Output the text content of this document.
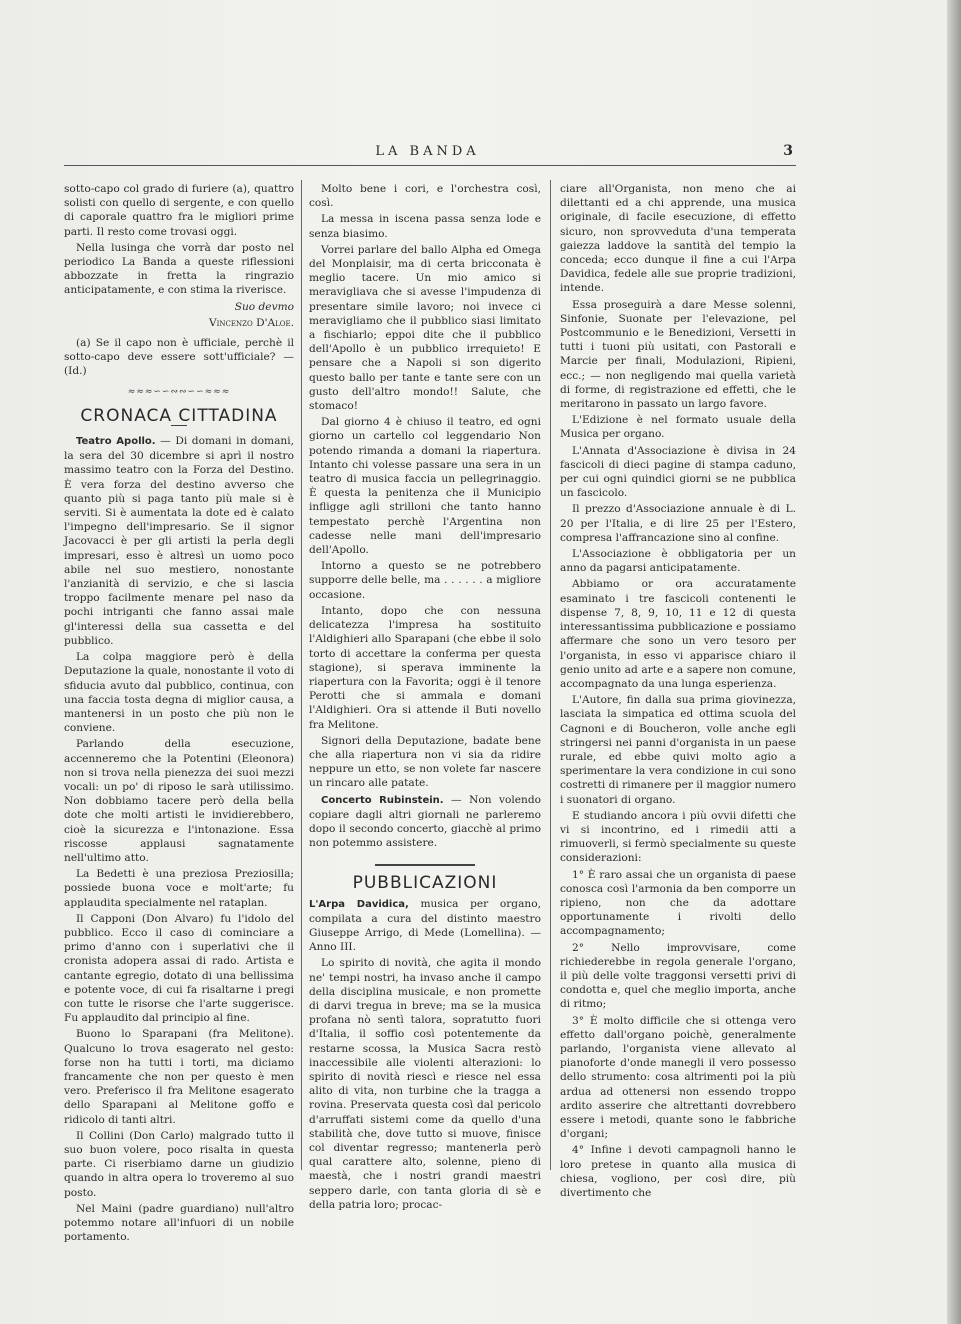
LA BANDA	3

sotto-capo col grado di furiere (a), quattro solisti con quello di sergente, e con quello di caporale quattro fra le migliori prime parti. Il resto come trovasi oggi.

Nella lusinga che vorrà dar posto nel periodico La Banda a queste riflessioni abbozzate in fretta la ringrazio anticipatamente, e con stima la riverisce.

Suo devmo

Vincenzo D'Aloe.

(a) Se il capo non è ufficiale, perchè il sotto-capo deve essere sott'ufficiale? — (Id.)

≈≈≈∽∽∾∾∽∽≈≈≈
CRONACA CITTADINA

Teatro Apollo. — Di domani in domani, la sera del 30 dicembre si aprì il nostro massimo teatro con la Forza del Destino. È vera forza del destino avverso che quanto più si paga tanto più male si è serviti. Si è aumentata la dote ed è calato l'impegno dell'impresario. Se il signor Jacovacci è per gli artisti la perla degli impresari, esso è altresì un uomo poco abile nel suo mestiero, nonostante l'anzianità di servizio, e che si lascia troppo facilmente menare pel naso da pochi intriganti che fanno assai male gl'interessi della sua cassetta e del pubblico.

La colpa maggiore però è della Deputazione la quale, nonostante il voto di sfiducia avuto dal pubblico, continua, con una faccia tosta degna di miglior causa, a mantenersi in un posto che più non le conviene.

Parlando della esecuzione, accenneremo che la Potentini (Eleonora) non si trova nella pienezza dei suoi mezzi vocali: un po' di riposo le sarà utilissimo. Non dobbiamo tacere però della bella dote che molti artisti le invidierebbero, cioè la sicurezza e l'intonazione. Essa riscosse applausi sagnatamente nell'ultimo atto.

La Bedetti è una preziosa Preziosilla; possiede buona voce e molt'arte; fu applaudita specialmente nel rataplan.

Il Capponi (Don Alvaro) fu l'idolo del pubblico. Ecco il caso di cominciare a primo d'anno con i superlativi che il cronista adopera assai di rado. Artista e cantante egregio, dotato di una bellissima e potente voce, di cui fa risaltarne i pregi con tutte le risorse che l'arte suggerisce. Fu applaudito dal principio al fine.

Buono lo Sparapani (fra Melitone). Qualcuno lo trova esagerato nel gesto: forse non ha tutti i torti, ma diciamo francamente che non per questo è men vero. Preferisco il fra Melitone esagerato dello Sparapani al Melitone goffo e ridicolo di tanti altri.

Il Collini (Don Carlo) malgrado tutto il suo buon volere, poco risalta in questa parte. Ci riserbiamo darne un giudizio quando in altra opera lo troveremo al suo posto.

Nel Maini (padre guardiano) null'altro potemmo notare all'infuori di un nobile portamento.

Molto bene i cori, e l'orchestra così, così.

La messa in iscena passa senza lode e senza biasimo.

Vorrei parlare del ballo Alpha ed Omega del Monplaisir, ma di certa bricconata è meglio tacere. Un mio amico si meravigliava che si avesse l'impudenza di presentare simile lavoro; noi invece ci meravigliamo che il pubblico siasi limitato a fischiarlo; eppoi dite che il pubblico dell'Apollo è un pubblico irrequieto! E pensare che a Napoli si son digerito questo ballo per tante e tante sere con un gusto dell'altro mondo!! Salute, che stomaco!

Dal giorno 4 è chiuso il teatro, ed ogni giorno un cartello col leggendario Non potendo rimanda a domani la riapertura. Intanto chi volesse passare una sera in un teatro di musica faccia un pellegrinaggio. È questa la penitenza che il Municipio infligge agli strilloni che tanto hanno tempestato perchè l'Argentina non cadesse nelle mani dell'impresario dell'Apollo.

Intorno a questo se ne potrebbero supporre delle belle, ma . . . . . . a migliore occasione.

Intanto, dopo che con nessuna delicatezza l'impresa ha sostituito l'Aldighieri allo Sparapani (che ebbe il solo torto di accettare la conferma per questa stagione), si sperava imminente la riapertura con la Favorita; oggi è il tenore Perotti che si ammala e domani l'Aldighieri. Ora si attende il Buti novello fra Melitone.

Signori della Deputazione, badate bene che alla riapertura non vi sia da ridire neppure un etto, se non volete far nascere un rincaro alle patate.

Concerto Rubinstein. — Non volendo copiare dagli altri giornali ne parleremo dopo il secondo concerto, giacchè al primo non potemmo assistere.

PUBBLICAZIONI

L'Arpa Davidica, musica per organo, compilata a cura del distinto maestro Giuseppe Arrigo, di Mede (Lomellina). — Anno III.

Lo spirito di novità, che agita il mondo ne' tempi nostri, ha invaso anche il campo della disciplina musicale, e non promette di darvi tregua in breve; ma se la musica profana nò sentì talora, sopratutto fuori d'Italia, il soffio così potentemente da restarne scossa, la Musica Sacra restò inaccessibile alle violenti alterazioni: lo spirito di novità riescì e riesce nel essa alito di vita, non turbine che la tragga a rovina. Preservata questa così dal pericolo d'arruffati sistemi come da quello d'una stabilità che, dove tutto si muove, finisce col diventar regresso; mantenerla però qual carattere alto, solenne, pieno di maestà, che i nostri grandi maestri seppero darle, con tanta gloria di sè e della patria loro; procac-

ciare all'Organista, non meno che ai dilettanti ed a chi apprende, una musica originale, di facile esecuzione, di effetto sicuro, non sprovveduta d'una temperata gaiezza laddove la santità del tempio la conceda; ecco dunque il fine a cui l'Arpa Davidica, fedele alle sue proprie tradizioni, intende.

Essa proseguirà a dare Messe solenni, Sinfonie, Suonate per l'elevazione, pel Postcommunio e le Benedizioni, Versetti in tutti i tuoni più usitati, con Pastorali e Marcie per finali, Modulazioni, Ripieni, ecc.; — non negligendo mai quella varietà di forme, di registrazione ed effetti, che le meritarono in passato un largo favore.

L'Edizione è nel formato usuale della Musica per organo.

L'Annata d'Associazione è divisa in 24 fascicoli di dieci pagine di stampa caduno, per cui ogni quindici giorni se ne pubblica un fascicolo.

Il prezzo d'Associazione annuale è di L. 20 per l'Italia, e di lire 25 per l'Estero, compresa l'affrancazione sino al confine.

L'Associazione è obbligatoria per un anno da pagarsi anticipatamente.

Abbiamo or ora accuratamente esaminato i tre fascicoli contenenti le dispense 7, 8, 9, 10, 11 e 12 di questa interessantissima pubblicazione e possiamo affermare che sono un vero tesoro per l'organista, in esso vi apparisce chiaro il genio unito ad arte e a sapere non comune, accompagnato da una lunga esperienza.

L'Autore, fin dalla sua prima giovinezza, lasciata la simpatica ed ottima scuola del Cagnoni e di Boucheron, volle anche egli stringersi nei panni d'organista in un paese rurale, ed ebbe quivi molto agio a sperimentare la vera condizione in cui sono costretti di rimanere per il maggior numero i suonatori di organo.

E studiando ancora i più ovvii difetti che vi si incontrino, ed i rimedii atti a rimuoverli, si fermò specialmente su queste considerazioni:

1° È raro assai che un organista di paese conosca così l'armonia da ben comporre un ripieno, non che da adottare opportunamente i rivolti dello accompagnamento;

2° Nello improvvisare, come richiederebbe in regola generale l'organo, il più delle volte traggonsi versetti privi di condotta e, quel che meglio importa, anche di ritmo;

3° È molto difficile che si ottenga vero effetto dall'organo poichè, generalmente parlando, l'organista viene allevato al pianoforte d'onde manegli il vero possesso dello strumento: cosa altrimenti poi la più ardua ad ottenersi non essendo troppo ardito asserire che altrettanti dovrebbero essere i metodi, quante sono le fabbriche d'organi;

4° Infine i devoti campagnoli hanno le loro pretese in quanto alla musica di chiesa, vogliono, per così dire, più divertimento che
